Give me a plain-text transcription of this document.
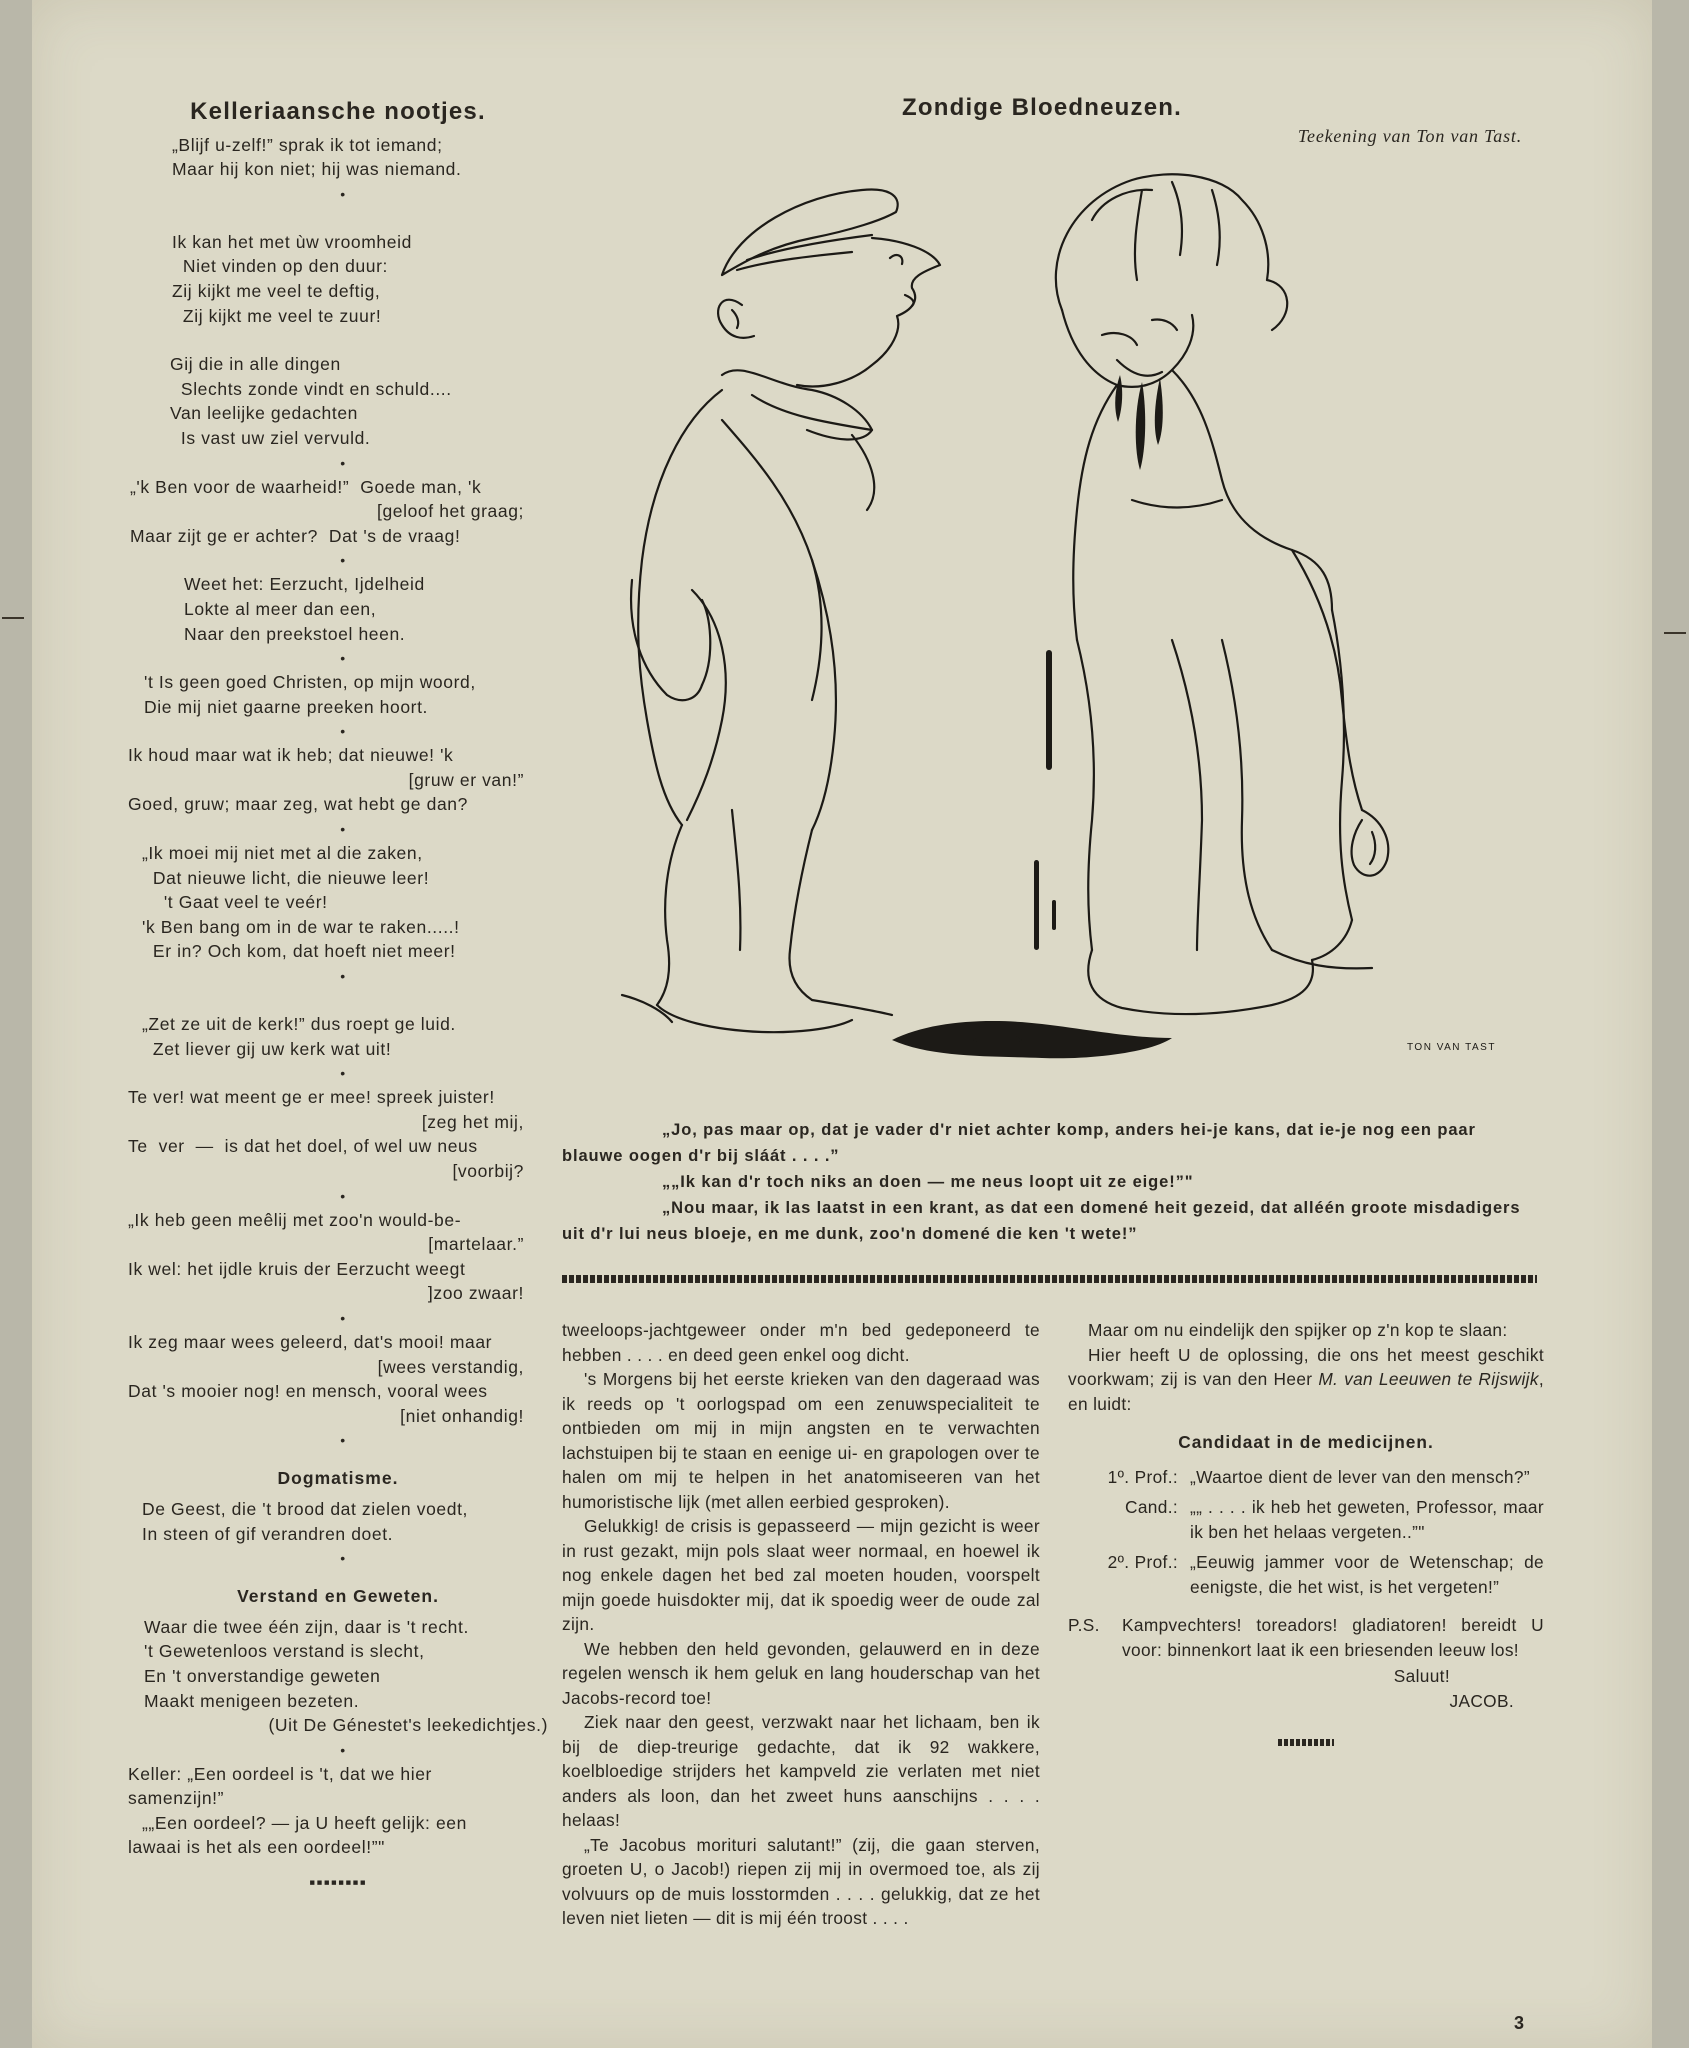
Kelleriaansche nootjes.
„Blijf u-zelf!” sprak ik tot iemand;
Maar hij kon niet; hij was niemand.
•
Ik kan het met ùw vroomheid
Niet vinden op den duur:
Zij kijkt me veel te deftig,
Zij kijkt me veel te zuur!
Gij die in alle dingen
Slechts zonde vindt en schuld....
Van leelijke gedachten
Is vast uw ziel vervuld.
•
„'k Ben voor de waarheid!”  Goede man, 'k
[geloof het graag;
Maar zijt ge er achter?  Dat 's de vraag!
•
Weet het: Eerzucht, Ijdelheid
Lokte al meer dan een,
Naar den preekstoel heen.
•
't Is geen goed Christen, op mijn woord,
Die mij niet gaarne preeken hoort.
•
Ik houd maar wat ik heb; dat nieuwe! 'k
[gruw er van!”
Goed, gruw; maar zeg, wat hebt ge dan?
•
„Ik moei mij niet met al die zaken,
Dat nieuwe licht, die nieuwe leer!
't Gaat veel te veér!
'k Ben bang om in de war te raken.....!
Er in? Och kom, dat hoeft niet meer!
•
„Zet ze uit de kerk!” dus roept ge luid.
Zet liever gij uw kerk wat uit!
•
Te ver! wat meent ge er mee! spreek juister!
[zeg het mij,
Te  ver  —  is dat het doel, of wel uw neus
[voorbij?
•
„Ik heb geen meêlij met zoo'n would-be-
[martelaar.”
Ik wel: het ijdle kruis der Eerzucht weegt
]zoo zwaar!
•
Ik zeg maar wees geleerd, dat's mooi! maar
[wees verstandig,
Dat 's mooier nog! en mensch, vooral wees
[niet onhandig!
•
Dogmatisme.
De Geest, die 't brood dat zielen voedt,
In steen of gif verandren doet.
•
Verstand en Geweten.
Waar die twee één zijn, daar is 't recht.
't Gewetenloos verstand is slecht,
En 't onverstandige geweten
Maakt menigeen bezeten.
(Uit De Génestet's leekedichtjes.)
•
Keller: „Een oordeel is 't, dat we hier
samenzijn!”
„„Een oordeel? — ja U heeft gelijk: een
lawaai is het als een oordeel!”"
▪▪▪▪▪▪▪▪
Zondige Bloedneuzen.
Teekening van Ton van Tast.
TON VAN TAST

„Jo, pas maar op, dat je vader d'r niet achter komp, anders hei-je kans, dat ie-je nog een paar blauwe oogen d'r bij sláát . . . .”

„„Ik kan d'r toch niks an doen — me neus loopt uit ze eige!”"

„Nou maar, ik las laatst in een krant, as dat een domené heit gezeid, dat alléén groote misdadigers uit d'r lui neus bloeje, en me dunk, zoo'n domené die ken 't wete!”

tweeloops-jachtgeweer onder m'n bed gedeponeerd te hebben . . . . en deed geen enkel oog dicht.

's Morgens bij het eerste krieken van den dageraad was ik reeds op 't oorlogspad om een zenuwspecialiteit te ontbieden om mij in mijn angsten en te verwachten lachstuipen bij te staan en eenige ui- en grapologen over te halen om mij te helpen in het anatomiseeren van het humoristische lijk (met allen eerbied gesproken).

Gelukkig! de crisis is gepasseerd — mijn gezicht is weer in rust gezakt, mijn pols slaat weer normaal, en hoewel ik nog enkele dagen het bed zal moeten houden, voorspelt mijn goede huisdokter mij, dat ik spoedig weer de oude zal zijn.

We hebben den held gevonden, gelauwerd en in deze regelen wensch ik hem geluk en lang houderschap van het Jacobs-record toe!

Ziek naar den geest, verzwakt naar het lichaam, ben ik bij de diep-treurige gedachte, dat ik 92 wakkere, koelbloedige strijders het kampveld zie verlaten met niet anders als loon, dan het zweet huns aanschijns . . . . helaas!

„Te Jacobus morituri salutant!” (zij, die gaan sterven, groeten U, o Jacob!) riepen zij mij in overmoed toe, als zij volvuurs op de muis losstormden . . . . gelukkig, dat ze het leven niet lieten — dit is mij één troost . . . .

Maar om nu eindelijk den spijker op z'n kop te slaan:

Hier heeft U de oplossing, die ons het meest geschikt voorkwam; zij is van den Heer M. van Leeuwen te Rijswijk, en luidt:

Candidaat in de medicijnen.
1º. Prof.: „Waartoe dient de lever van den mensch?”
Cand.: „„ . . . . ik heb het geweten, Professor, maar ik ben het helaas vergeten..”"
2º. Prof.: „Eeuwig jammer voor de Wetenschap; de eenigste, die het wist, is het vergeten!”
P.S.	Kampvechters! toreadors! gladiatoren! bereidt U voor: binnenkort laat ik een briesenden leeuw los!
Saluut!
JACOB.
3
